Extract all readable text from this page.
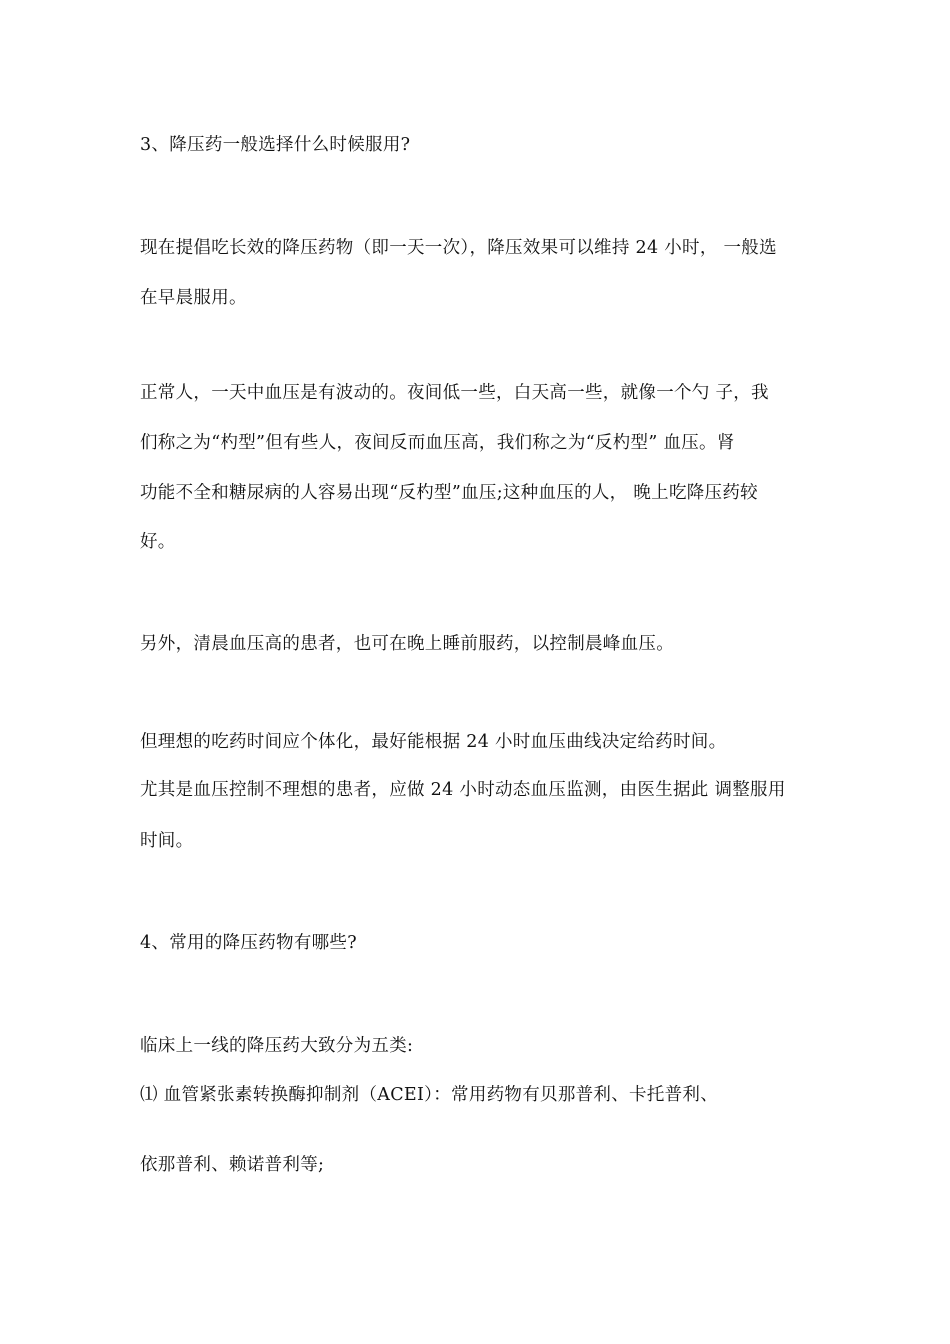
3、降压药一般选择什么时候服用?
现在提倡吃长效的降压药物（即一天一次），降压效果可以维持 24 小时， 一般选
在早晨服用。
正常人，一天中血压是有波动的。夜间低一些，白天高一些，就像一个勺 子，我
们称之为“杓型”但有些人，夜间反而血压高，我们称之为“反杓型” 血压。肾
功能不全和糖尿病的人容易出现“反杓型”血压;这种血压的人， 晚上吃降压药较
好。
另外，清晨血压高的患者，也可在晚上睡前服药，以控制晨峰血压。
但理想的吃药时间应个体化，最好能根据 24 小时血压曲线决定给药时间。
尤其是血压控制不理想的患者，应做 24 小时动态血压监测，由医生据此 调整服用
时间。
4、常用的降压药物有哪些?
临床上一线的降压药大致分为五类:
⑴ 血管紧张素转换酶抑制剂（ACEI）：常用药物有贝那普利、卡托普利、
依那普利、赖诺普利等;
